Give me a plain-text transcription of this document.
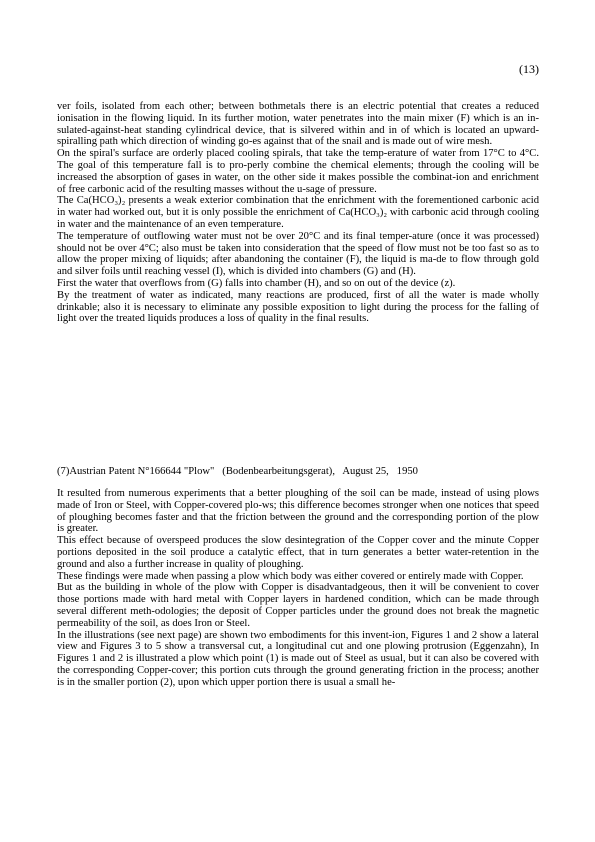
(13)

ver foils, isolated from each other; between bothmetals there is an electric potential that creates a reduced ionisation in the flowing liquid. In its further motion, water penetrates into the main mixer (F) which is an in-sulated-against-heat standing cylindrical device, that is silvered within and in of which is located an upward-spiralling path which direction of winding go-es against that of the snail and is made out of wire mesh.

On the spiral's surface are orderly placed cooling spirals, that take the temp-erature of water from 17°C to 4°C. The goal of this temperature fall is to pro-perly combine the chemical elements; through the cooling will be increased the absorption of gases in water, on the other side it makes possible the combinat-ion and enrichment of free carbonic acid of the resulting masses without the u-sage of pressure.

The Ca(HCO₃)₂ presents a weak exterior combination that the enrichment with the forementioned carbonic acid in water had worked out, but it is only possible the enrichment of Ca(HCO₃)₂ with carbonic acid through cooling in water and the maintenance of an even temperature.

The temperature of outflowing water must not be over 20°C and its final temper-ature (once it was processed) should not be over 4°C; also must be taken into consideration that the speed of flow must not be too fast so as to allow the proper mixing of liquids; after abandoning the container (F), the liquid is ma-de to flow through gold and silver foils until reaching vessel (I), which is divided into chambers (G) and (H).

First the water that overflows from (G) falls into chamber (H), and so on out of the device (z).

By the treatment of water as indicated, many reactions are produced, first of all the water is made wholly drinkable; also it is necessary to eliminate any possible exposition to light during the process for the falling of light over the treated liquids produces a loss of quality in the final results.

(7)Austrian Patent N°166644 "Plow"   (Bodenbearbeitungsgerat),   August 25,   1950

It resulted from numerous experiments that a better ploughing of the soil can be made, instead of using plows made of Iron or Steel, with Copper-covered plo-ws; this difference becomes stronger when one notices that speed of ploughing becomes faster and that the friction between the ground and the corresponding portion of the plow is greater.

This effect because of overspeed produces the slow desintegration of the Copper cover and the minute Copper portions deposited in the soil produce a catalytic effect, that in turn generates a better water-retention in the ground and also a further increase in quality of ploughing.

These findings were made when passing a plow which body was either covered or entirely made with Copper.

But as the building in whole of the plow with Copper is disadvantadgeous, then it will be convenient to cover those portions made with hard metal with Copper layers in hardened condition, which can be made through several different meth-odologies; the deposit of Copper particles under the ground does not break the magnetic permeability of the soil, as does Iron or Steel.

In the illustrations (see next page) are shown two embodiments for this invent-ion, Figures 1 and 2 show a lateral view and Figures 3 to 5 show a transversal cut, a longitudinal cut and one plowing protrusion (Eggenzahn), In Figures 1 and 2 is illustrated a plow which point (1) is made out of Steel as usual, but it can also be covered with the corresponding Copper-cover; this portion cuts through the ground generating friction in the process; another is in the smaller portion (2), upon which upper portion there is usual a small he-
